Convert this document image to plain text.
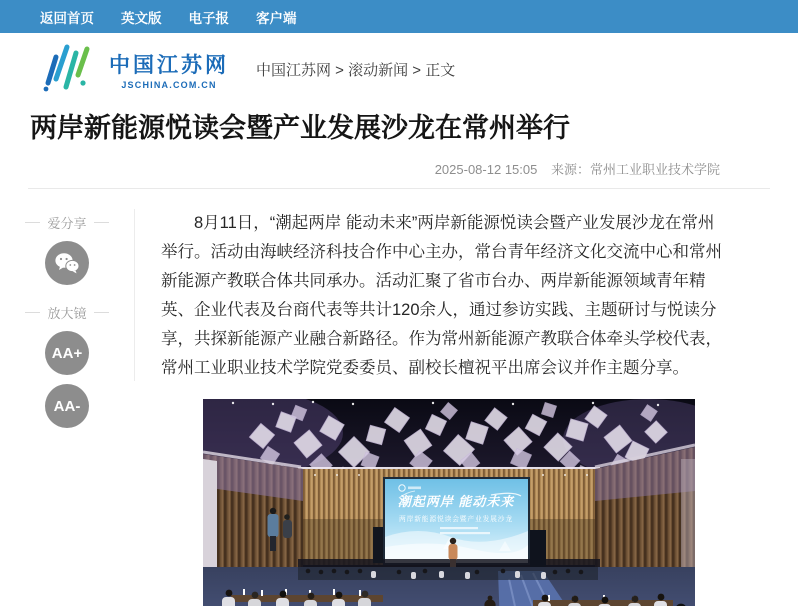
返回首页 英文版 电子报 客户端
中国江苏网
JSCHINA.COM.CN
中国江苏网 > 滚动新闻 > 正文
两岸新能源悦读会暨产业发展沙龙在常州举行
2025-08-12 15:05 来源：常州工业职业技术学院
爱分享
放大镜
AA+
AA-

8月11日，“潮起两岸 能动未来”两岸新能源悦读会暨产业发展沙龙在常州举行。活动由海峡经济科技合作中心主办，常台青年经济文化交流中心和常州新能源产教联合体共同承办。活动汇聚了省市台办、两岸新能源领域青年精英、企业代表及台商代表等共计120余人，通过参访实践、主题研讨与悦读分享，共探新能源产业融合新路径。作为常州新能源产教联合体牵头学校代表，常州工业职业技术学院党委委员、副校长檀祝平出席会议并作主题分享。

潮起两岸 能动未来
两岸新能源悦读会暨产业发展沙龙
